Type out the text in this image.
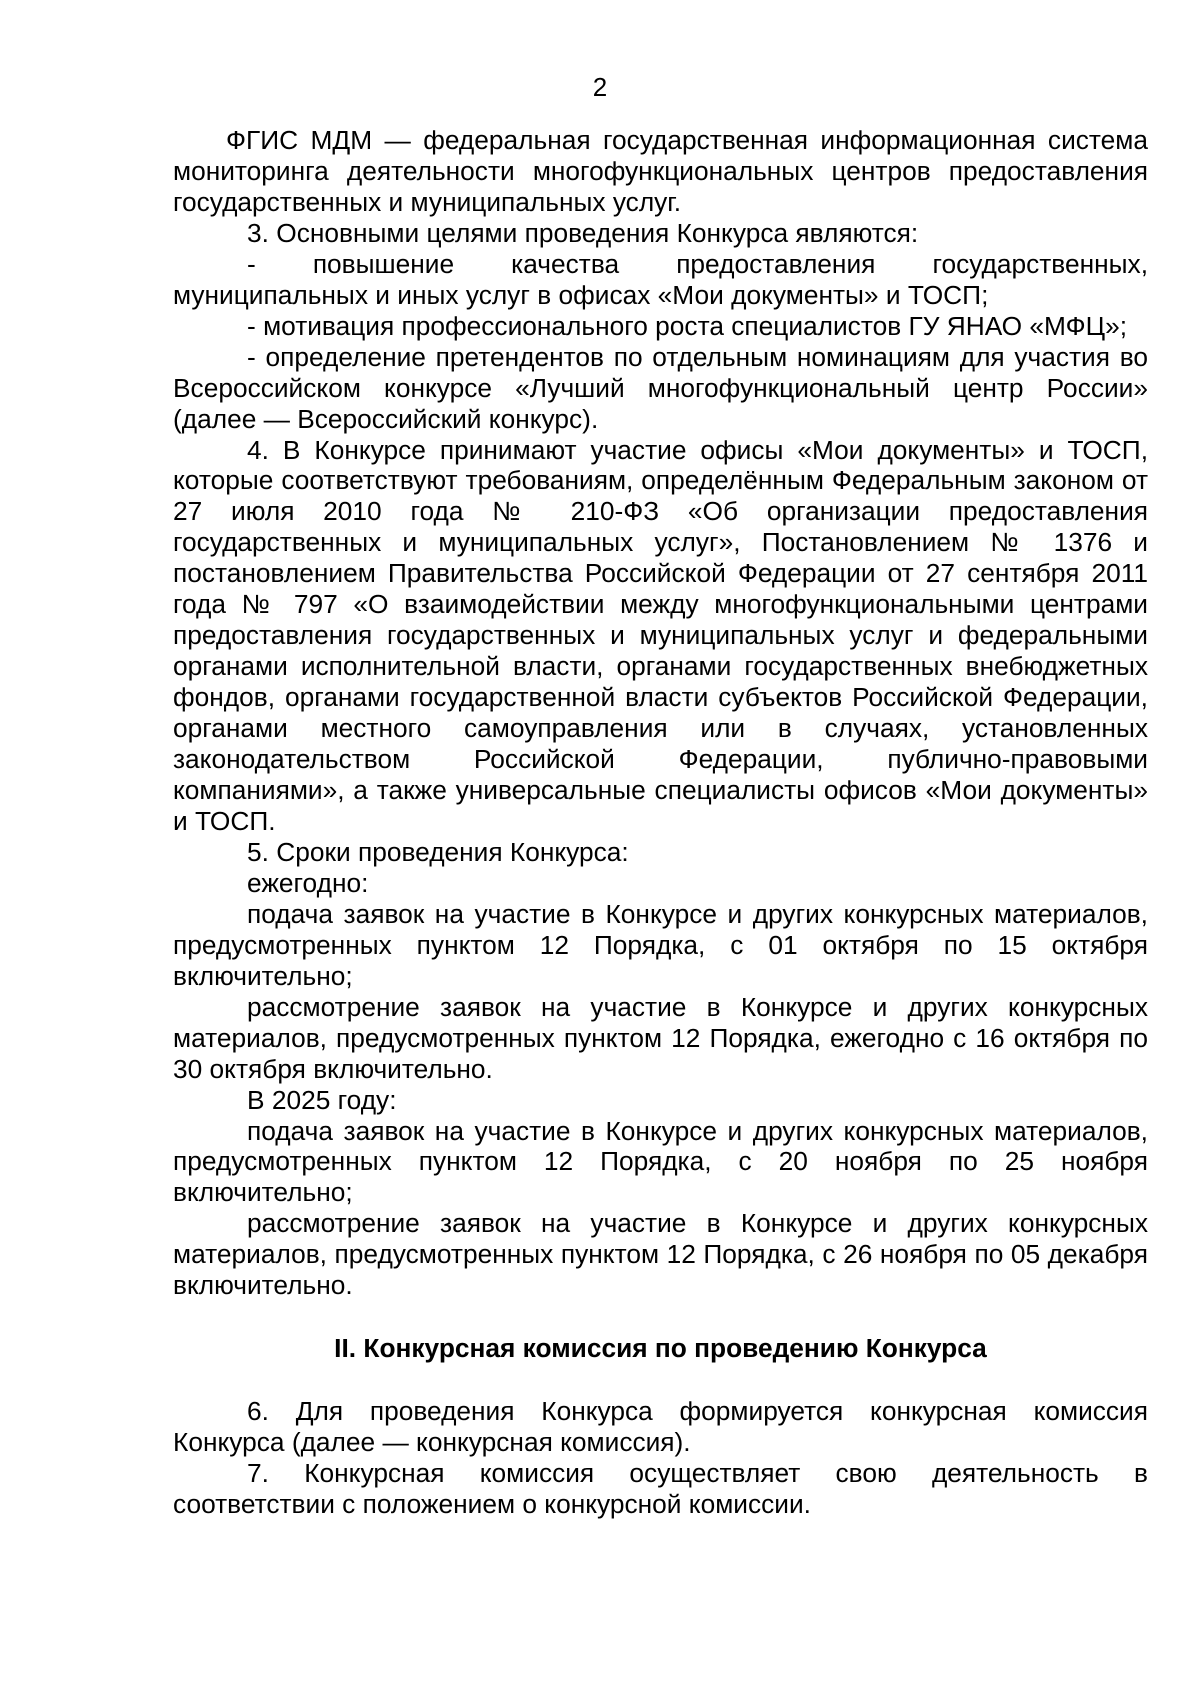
2

ФГИС МДМ — федеральная государственная информационная система мониторинга деятельности многофункциональных центров предоставления государственных и муниципальных услуг.

3. Основными целями проведения Конкурса являются:

- повышение качества предоставления государственных, муниципальных и иных услуг в офисах «Мои документы» и ТОСП;

- мотивация профессионального роста специалистов ГУ ЯНАО «МФЦ»;

- определение претендентов по отдельным номинациям для участия во Всероссийском конкурсе «Лучший многофункциональный центр России» (далее — Всероссийский конкурс).

4. В Конкурсе принимают участие офисы «Мои документы» и ТОСП, которые соответствуют требованиям, определённым Федеральным законом от 27 июля 2010 года № 210-ФЗ «Об организации предоставления государственных и муниципальных услуг», Постановлением № 1376 и постановлением Правительства Российской Федерации от 27 сентября 2011 года № 797 «О взаимодействии между многофункциональными центрами предоставления государственных и муниципальных услуг и федеральными органами исполнительной власти, органами государственных внебюджетных фондов, органами государственной власти субъектов Российской Федерации, органами местного самоуправления или в случаях, установленных законодательством Российской Федерации, публично-правовыми компаниями», а также универсальные специалисты офисов «Мои документы» и ТОСП.

5. Сроки проведения Конкурса:

ежегодно:

подача заявок на участие в Конкурсе и других конкурсных материалов, предусмотренных пунктом 12 Порядка, с 01 октября по 15 октября включительно;

рассмотрение заявок на участие в Конкурсе и других конкурсных материалов, предусмотренных пунктом 12 Порядка, ежегодно с 16 октября по 30 октября включительно.

В 2025 году:

подача заявок на участие в Конкурсе и других конкурсных материалов, предусмотренных пунктом 12 Порядка, с 20 ноября по 25 ноября включительно;

рассмотрение заявок на участие в Конкурсе и других конкурсных материалов, предусмотренных пунктом 12 Порядка, с 26 ноября по 05 декабря включительно.

II. Конкурсная комиссия по проведению Конкурса

6. Для проведения Конкурса формируется конкурсная комиссия Конкурса (далее — конкурсная комиссия).

7. Конкурсная комиссия осуществляет свою деятельность в соответствии с положением о конкурсной комиссии.
